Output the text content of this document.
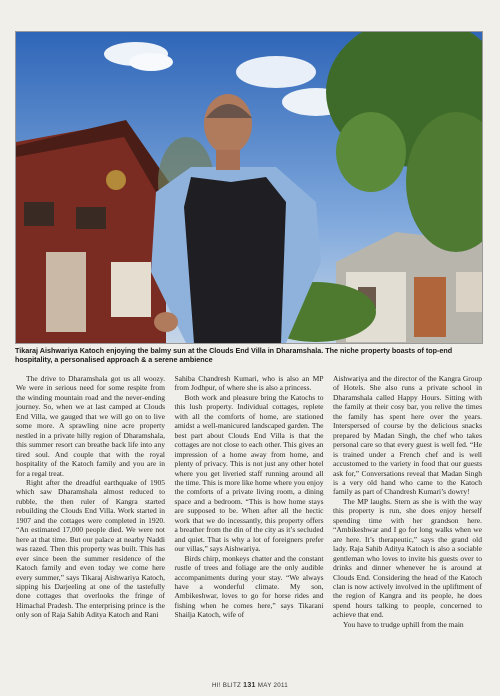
Tikaraj Aishwariya Katoch enjoying the balmy sun at the Clouds End Villa in Dharamshala. The niche property boasts of top-end hospitality, a personalised approach & a serene ambience

The drive to Dharamshala got us all woozy. We were in serious need for some respite from the winding mountain road and the never-ending journey. So, when we at last camped at Clouds End Villa, we gauged that we will go on to live some more. A sprawling nine acre property nestled in a private hilly region of Dharamshala, this summer resort can breathe back life into any tired soul. And couple that with the royal hospitality of the Katoch family and you are in for a regal treat.

Right after the dreadful earthquake of 1905 which saw Dharamshala almost reduced to rubble, the then ruler of Kangra started rebuilding the Clouds End Villa. Work started in 1907 and the cottages were completed in 1920. “An estimated 17,000 people died. We were not here at that time. But our palace at nearby Naddi was razed. Then this property was built. This has ever since been the summer residence of the Katoch family and even today we come here every summer,” says Tikaraj Aishwariya Katoch, sipping his Darjeeling at one of the tastefully done cottages that overlooks the fringe of Himachal Pradesh. The enterprising prince is the only son of Raja Sahib Aditya Katoch and Rani

Sahiba Chandresh Kumari, who is also an MP from Jodhpur, of where she is also a princess.

Both work and pleasure bring the Katochs to this lush property. Individual cottages, replete with all the comforts of home, are stationed amidst a well-manicured landscaped garden. The best part about Clouds End Villa is that the cottages are not close to each other. This gives an impression of a home away from home, and plenty of privacy. This is not just any other hotel where you get liveried staff running around all the time. This is more like home where you enjoy the comforts of a private living room, a dining space and a bedroom. “This is how home stays are supposed to be. When after all the hectic work that we do incessantly, this property offers a breather from the din of the city as it’s secluded and quiet. That is why a lot of foreigners prefer our villas,” says Aishwariya.

Birds chirp, monkeys chatter and the constant rustle of trees and foliage are the only audible accompaniments during your stay. “We always have a wonderful climate. My son, Ambikeshwar, loves to go for horse rides and fishing when he comes here,” says Tikarani Shailja Katoch, wife of

Aishwariya and the director of the Kangra Group of Hotels. She also runs a private school in Dharamshala called Happy Hours. Sitting with the family at their cosy bar, you relive the times the family has spent here over the years. Interspersed of course by the delicious snacks prepared by Madan Singh, the chef who takes personal care so that every guest is well fed. “He is trained under a French chef and is well accustomed to the variety in food that our guests ask for,” Conversations reveal that Madan Singh is a very old hand who came to the Katoch family as part of Chandresh Kumari’s dowry!

The MP laughs. Stern as she is with the way this property is run, she does enjoy herself spending time with her grandson here. “Ambikeshwar and I go for long walks when we are here. It’s therapeutic,” says the grand old lady. Raja Sahib Aditya Katoch is also a sociable gentleman who loves to invite his guests over to drinks and dinner whenever he is around at Clouds End. Considering the head of the Katoch clan is now actively involved in the upliftment of the region of Kangra and its people, he does spend hours talking to people, concerned to achieve that end.

You have to trudge uphill from the main

HI! BLITZ 131 MAY 2011
